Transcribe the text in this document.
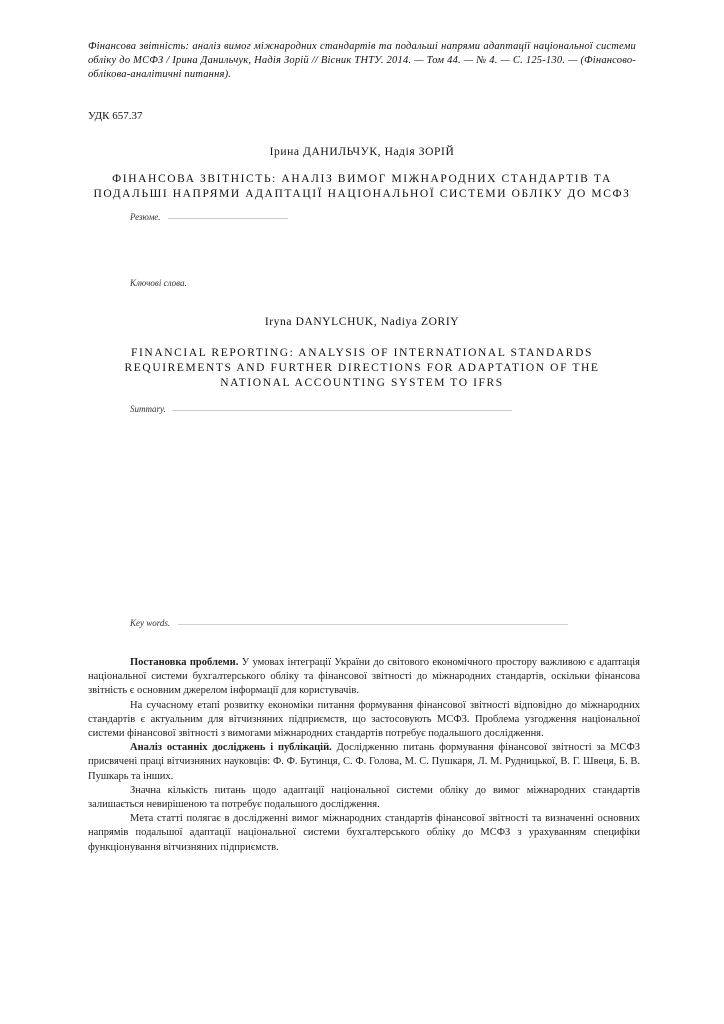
Фінансова звітність: аналіз вимог міжнародних стандартів та подальші напрями адаптації національної системи обліку до МСФЗ / Ірина Данильчук, Надія Зорій // Вісник ТНТУ. 2014. — Том 44. — № 4. — С. 125-130. — (Фінансово-облікова-аналітичні питання).
УДК 657.37
Ірина ДАНИЛЬЧУК, Надія ЗОРІЙ
ФІНАНСОВА ЗВІТНІСТЬ: АНАЛІЗ ВИМОГ МІЖНАРОДНИХ СТАНДАРТІВ ТА
ПОДАЛЬШІ НАПРЯМИ АДАПТАЦІЇ НАЦІОНАЛЬНОЇ СИСТЕМИ ОБЛІКУ ДО МСФЗ
Резюме.
Ключові слова.
Iryna DANYLCHUK, Nadiya ZORIY
FINANCIAL REPORTING: ANALYSIS OF INTERNATIONAL STANDARDS
REQUIREMENTS AND FURTHER DIRECTIONS FOR ADAPTATION OF THE
NATIONAL ACCOUNTING SYSTEM TO IFRS
Summary.
Key words.

Постановка проблеми. У умовах інтеграції України до світового економічного простору важливою є адаптація національної системи бухгалтерського обліку та фінансової звітності до міжнародних стандартів, оскільки фінансова звітність є основним джерелом інформації для користувачів.

На сучасному етапі розвитку економіки питання формування фінансової звітності відповідно до міжнародних стандартів є актуальним для вітчизняних підприємств, що застосовують МСФЗ. Проблема узгодження національної системи фінансової звітності з вимогами міжнародних стандартів потребує подальшого дослідження.

Аналіз останніх досліджень і публікацій. Дослідженню питань формування фінансової звітності за МСФЗ присвячені праці вітчизняних науковців: Ф. Ф. Бутинця, С. Ф. Голова, М. С. Пушкаря, Л. М. Рудницької, В. Г. Швеця, Б. В. Пушкарь та інших.

Значна кількість питань щодо адаптації національної системи обліку до вимог міжнародних стандартів залишається невирішеною та потребує подальшого дослідження.

Мета статті полягає в дослідженні вимог міжнародних стандартів фінансової звітності та визначенні основних напрямів подальшої адаптації національної системи бухгалтерського обліку до МСФЗ з урахуванням специфіки функціонування вітчизняних підприємств.
